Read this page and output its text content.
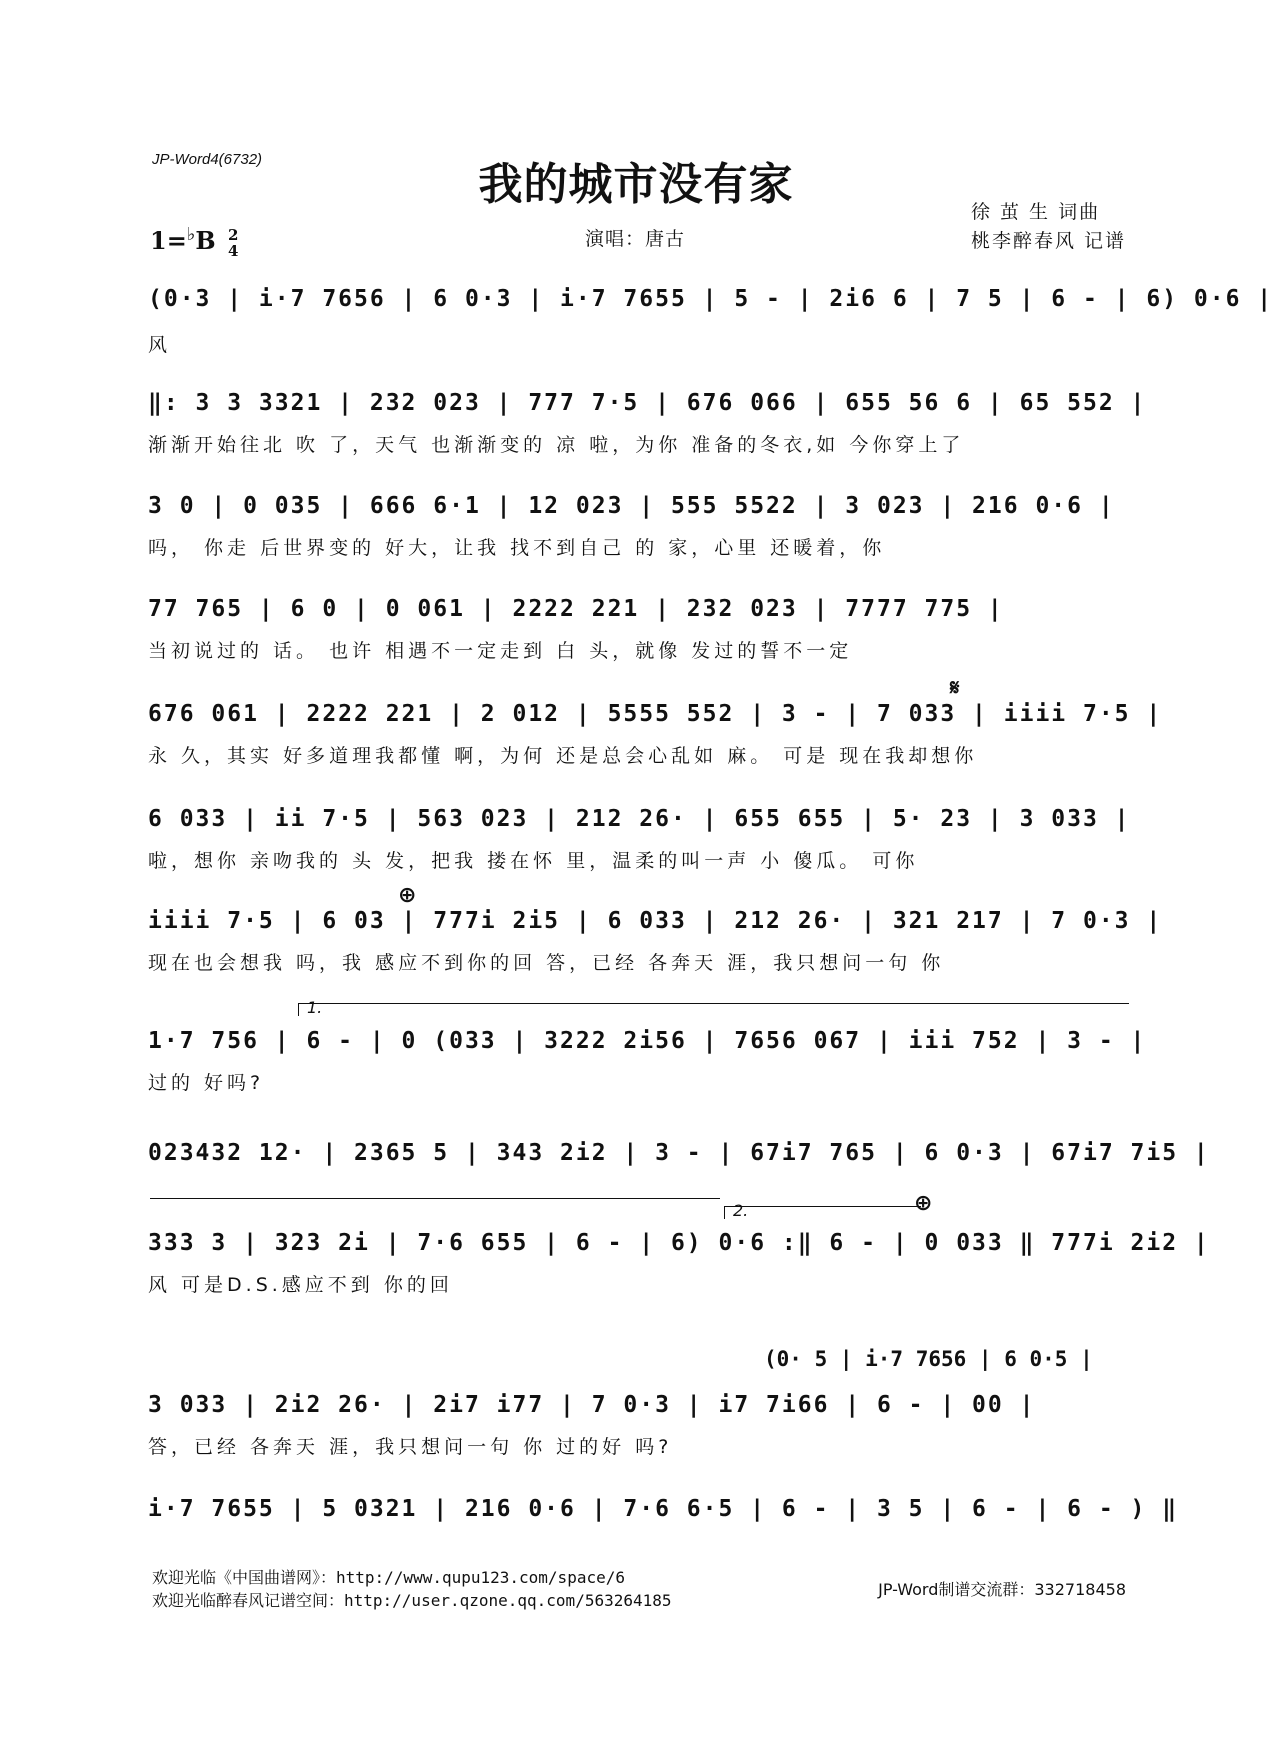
JP-Word4(6732)	我的城市没有家
徐 茧 生 词曲
桃李醉春风 记谱
1=♭B 2
4
演唱：唐古
(0·3 | i·7 7656 | 6 0·3 | i·7 7655 | 5 - | 2i6 6 | 7 5 | 6 - | 6) 0·6 |
风
‖: 3 3 3321 | 232 023 | 777 7·5 | 676 066 | 655 56 6 | 65 552 |
渐渐开始往北 吹 了，天气 也渐渐变的 凉 啦，为你 准备的冬衣,如 今你穿上了
3 0 | 0 035 | 666 6·1 | 12 023 | 555 5522 | 3 023 | 216 0·6 |
吗， 你走 后世界变的 好大，让我 找不到自己 的 家，心里 还暖着，你
77 765 | 6 0 | 0 061 | 2222 221 | 232 023 | 7777 775 |
当初说过的 话。 也许 相遇不一定走到 白 头，就像 发过的誓不一定
𝄋
676 061 | 2222 221 | 2 012 | 5555 552 | 3 - | 7 033 | iiii 7·5 |
永 久，其实 好多道理我都懂 啊，为何 还是总会心乱如 麻。 可是 现在我却想你
6 033 | ii 7·5 | 563 023 | 212 26· | 655 655 | 5· 23 | 3 033 |
啦，想你 亲吻我的 头 发，把我 搂在怀 里，温柔的叫一声 小 傻瓜。 可你
⊕
iiii 7·5 | 6 03 | 777i 2i5 | 6 033 | 212 26· | 321 217 | 7 0·3 |
现在也会想我 吗，我 感应不到你的回 答，已经 各奔天 涯，我只想问一句 你
1.
1·7 756 | 6 - | 0 (033 | 3222 2i56 | 7656 067 | iii 752 | 3 - |
过的 好吗?
023432 12· | 2365 5 | 343 2i2 | 3 - | 67i7 765 | 6 0·3 | 67i7 7i5 |
2.	⊕
333 3 | 323 2i | 7·6 655 | 6 - | 6) 0·6 :‖ 6 - | 0 033 ‖ 777i 2i2 |
风 可是D.S.感应不到 你的回
(0· 5 | i·7 7656 | 6 0·5 |
3 033 | 2i2 26· | 2i7 i77 | 7 0·3 | i7 7i66 | 6 - | 00 |
答，已经 各奔天 涯，我只想问一句 你 过的好 吗?
i·7 7655 | 5 0321 | 216 0·6 | 7·6 6·5 | 6 - | 3 5 | 6 - | 6 - ) ‖
欢迎光临《中国曲谱网》：http://www.qupu123.com/space/6
欢迎光临醉春风记谱空间：http://user.qzone.qq.com/563264185
JP-Word制谱交流群：332718458
